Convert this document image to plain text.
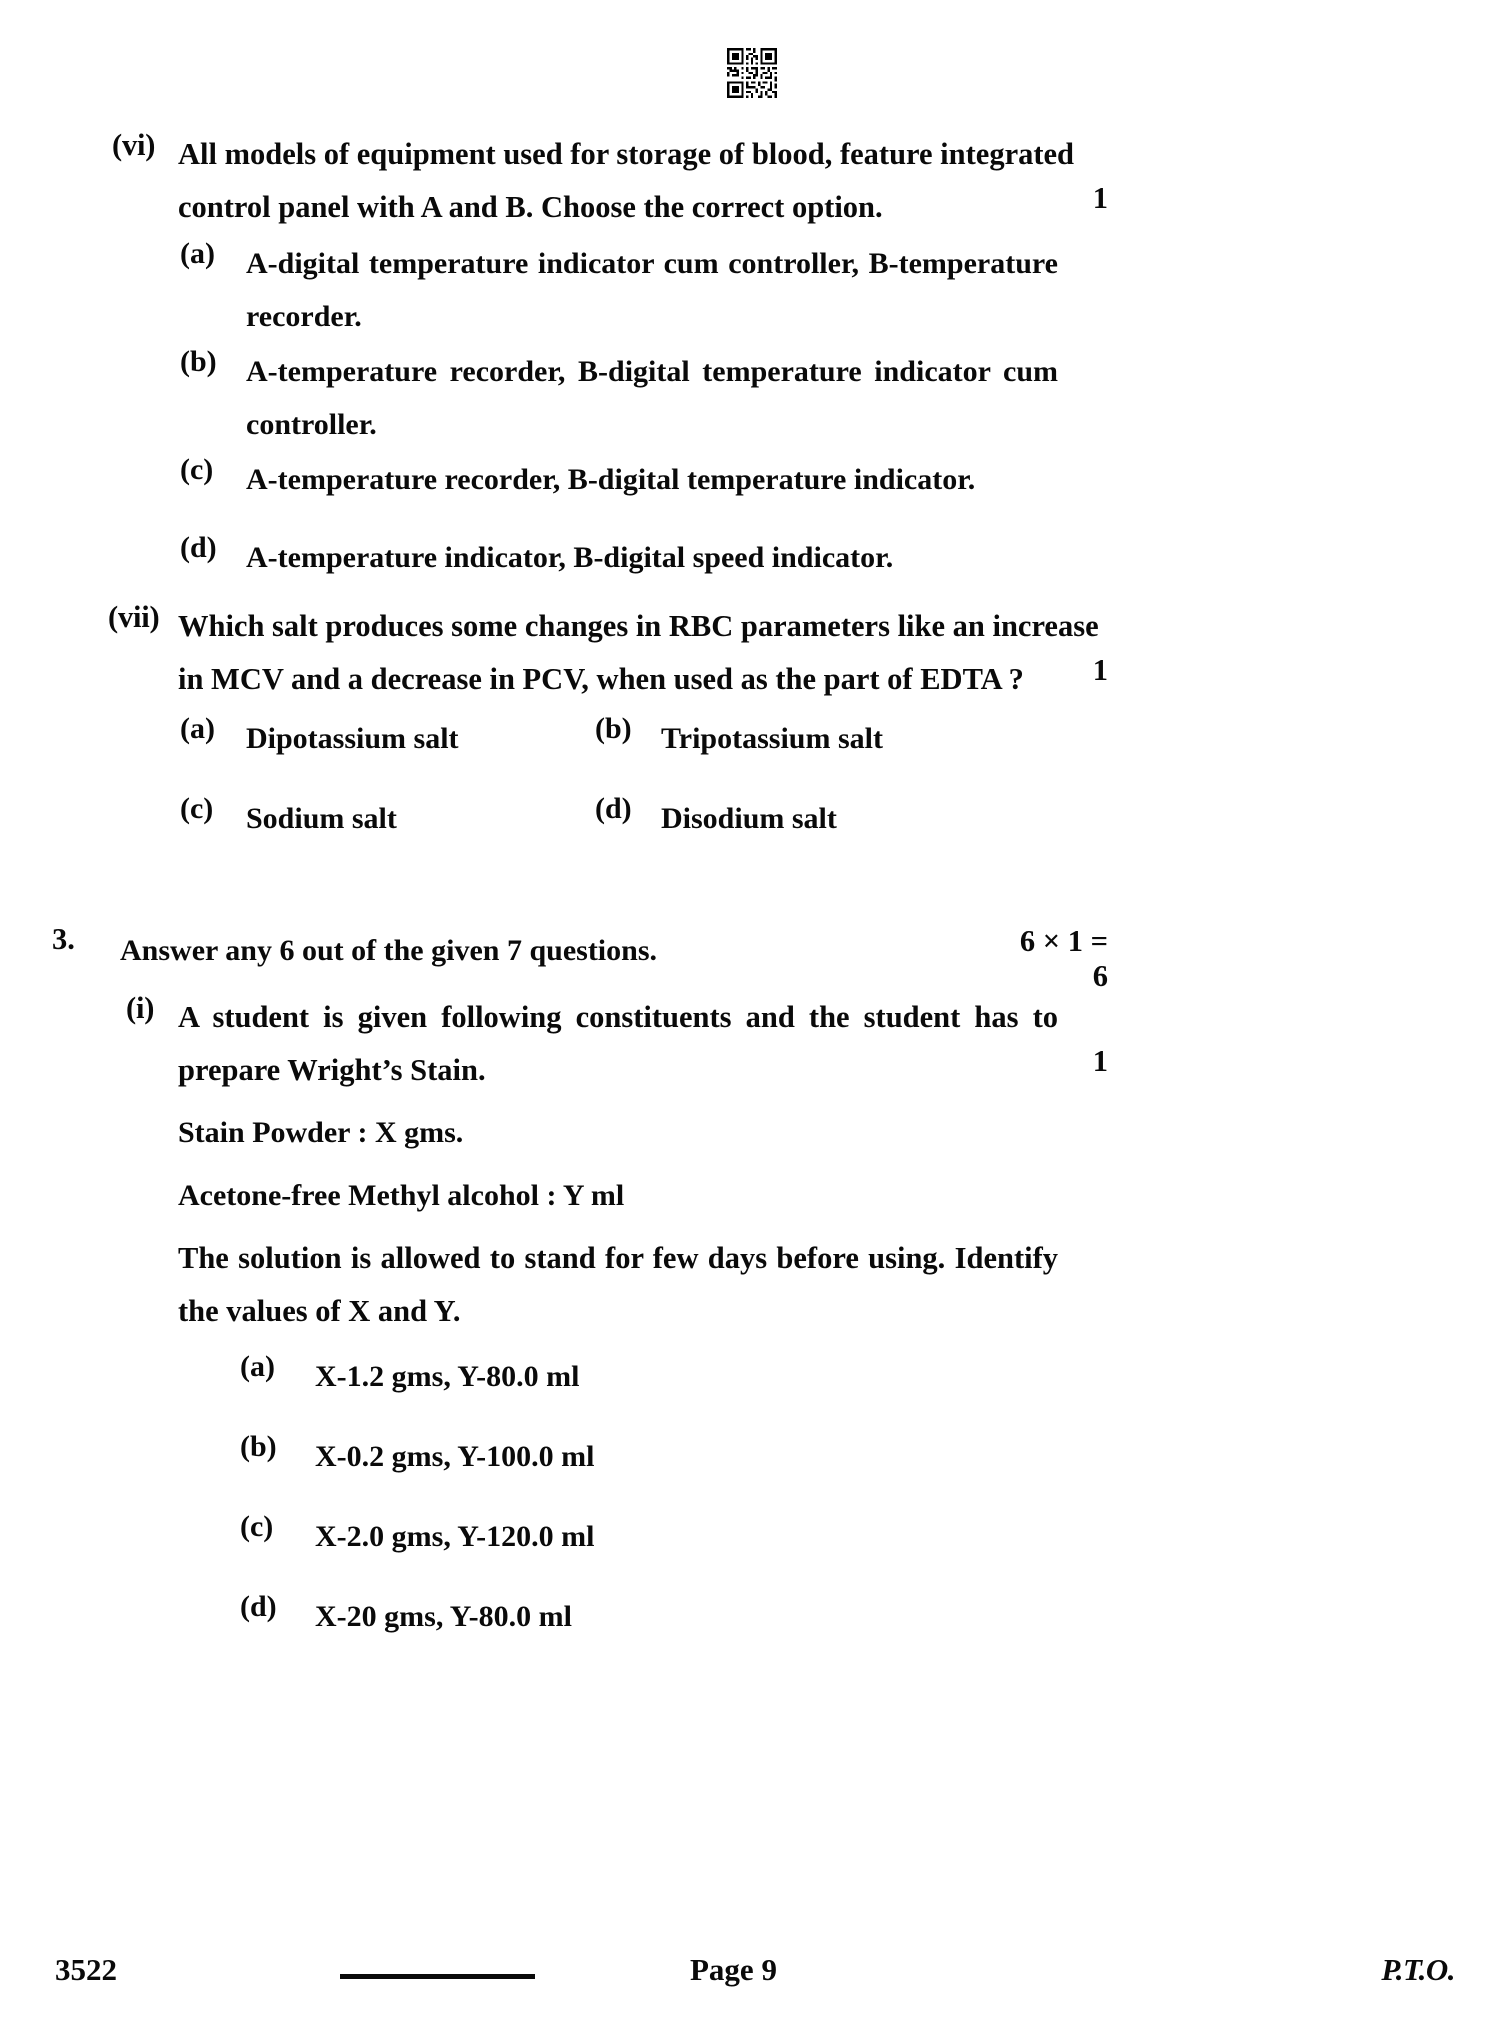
(vi) All models of equipment used for storage of blood, feature integrated
control panel with A and B. Choose the correct option.	1
(a) A-digital temperature indicator cum controller, B-temperature
recorder.
(b) A-temperature recorder, B-digital temperature indicator cum
controller.
(c) A-temperature recorder, B-digital temperature indicator.
(d) A-temperature indicator, B-digital speed indicator.
(vii) Which salt produces some changes in RBC parameters like an increase
in MCV and a decrease in PCV, when used as the part of EDTA ?	1
(a) Dipotassium salt	(b) Tripotassium salt
(c) Sodium salt	(d) Disodium salt
3. Answer any 6 out of the given 7 questions.	6 × 1 = 6
(i) A student is given following constituents and the student has to
prepare Wright’s Stain.	1
Stain Powder : X gms.
Acetone-free Methyl alcohol : Y ml
The solution is allowed to stand for few days before using. Identify
the values of X and Y.
(a) X-1.2 gms, Y-80.0 ml
(b) X-0.2 gms, Y-100.0 ml
(c) X-2.0 gms, Y-120.0 ml
(d) X-20 gms, Y-80.0 ml
3522	Page 9	P.T.O.
